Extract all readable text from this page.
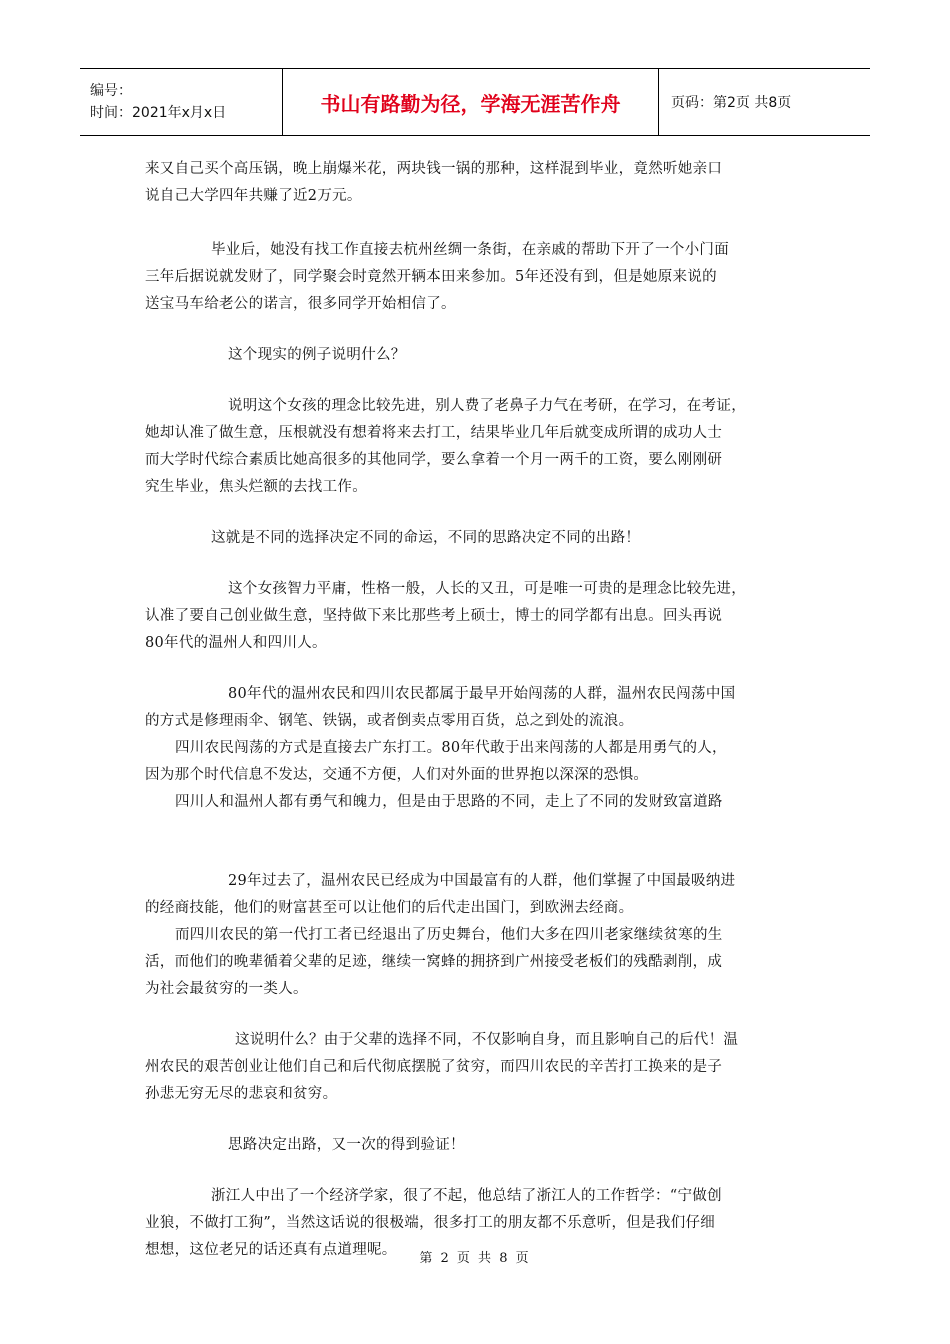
编号：
时间：2021年x月x日	书山有路勤为径，学海无涯苦作舟	页码：第2页 共8页
来又自己买个高压锅，晚上崩爆米花，两块钱一锅的那种，这样混到毕业，竟然听她亲口
说自己大学四年共赚了近2万元。
毕业后，她没有找工作直接去杭州丝绸一条街，在亲戚的帮助下开了一个小门面
三年后据说就发财了，同学聚会时竟然开辆本田来参加。5年还没有到，但是她原来说的
送宝马车给老公的诺言，很多同学开始相信了。
这个现实的例子说明什么？
说明这个女孩的理念比较先进，别人费了老鼻子力气在考研，在学习，在考证，
她却认准了做生意，压根就没有想着将来去打工，结果毕业几年后就变成所谓的成功人士
而大学时代综合素质比她高很多的其他同学，要么拿着一个月一两千的工资，要么刚刚研
究生毕业，焦头烂额的去找工作。
这就是不同的选择决定不同的命运，不同的思路决定不同的出路！
这个女孩智力平庸，性格一般，人长的又丑，可是唯一可贵的是理念比较先进，
认准了要自己创业做生意，坚持做下来比那些考上硕士，博士的同学都有出息。回头再说
80年代的温州人和四川人。
80年代的温州农民和四川农民都属于最早开始闯荡的人群，温州农民闯荡中国
的方式是修理雨伞、钢笔、铁锅，或者倒卖点零用百货，总之到处的流浪。
四川农民闯荡的方式是直接去广东打工。80年代敢于出来闯荡的人都是用勇气的人，
因为那个时代信息不发达，交通不方便，人们对外面的世界抱以深深的恐惧。
四川人和温州人都有勇气和魄力，但是由于思路的不同，走上了不同的发财致富道路
29年过去了，温州农民已经成为中国最富有的人群，他们掌握了中国最吸纳进
的经商技能，他们的财富甚至可以让他们的后代走出国门，到欧洲去经商。
而四川农民的第一代打工者已经退出了历史舞台，他们大多在四川老家继续贫寒的生
活，而他们的晚辈循着父辈的足迹，继续一窝蜂的拥挤到广州接受老板们的残酷剥削，成
为社会最贫穷的一类人。
这说明什么？由于父辈的选择不同，不仅影响自身，而且影响自己的后代！温
州农民的艰苦创业让他们自己和后代彻底摆脱了贫穷，而四川农民的辛苦打工换来的是子
孙悲无穷无尽的悲哀和贫穷。
思路决定出路，又一次的得到验证！
浙江人中出了一个经济学家，很了不起，他总结了浙江人的工作哲学：“宁做创
业狼，不做打工狗”，当然这话说的很极端，很多打工的朋友都不乐意听，但是我们仔细
想想，这位老兄的话还真有点道理呢。
第 2 页 共 8 页
